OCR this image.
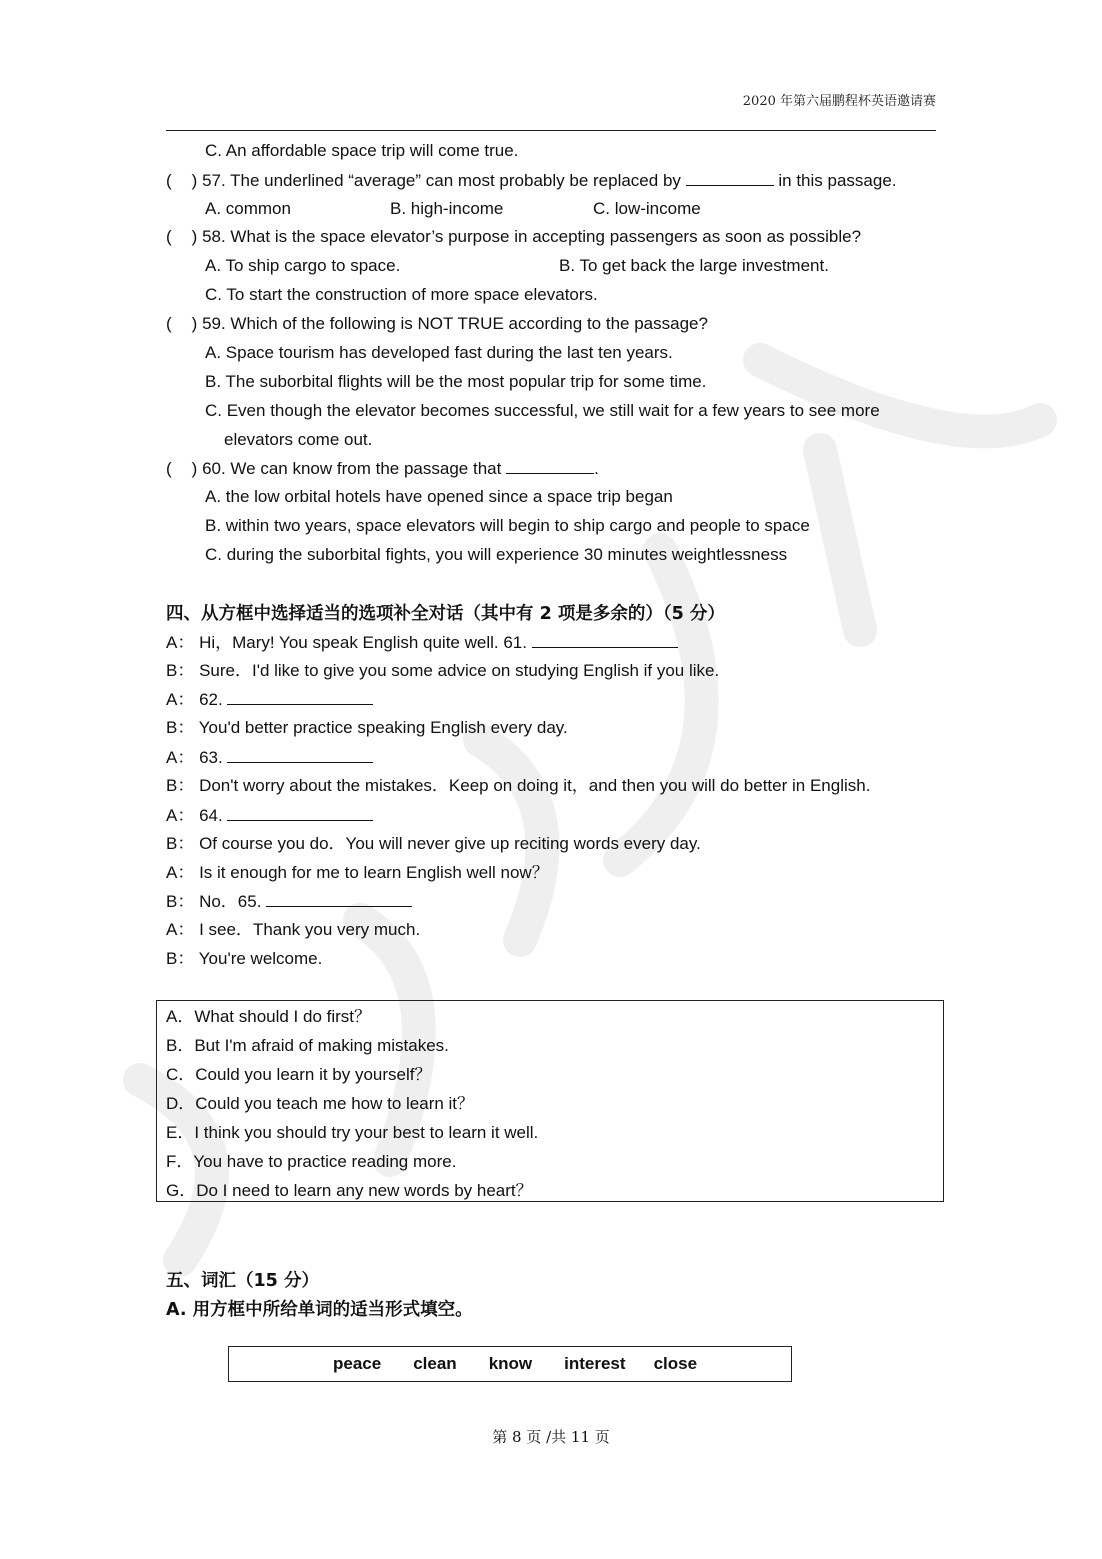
2020 年第六届鹏程杯英语邀请赛
C. An affordable space trip will come true.
( ) 57. The underlined “average” can most probably be replaced by	in this passage.
A. common	B. high-income	C. low-income
( ) 58. What is the space elevator’s purpose in accepting passengers as soon as possible?
A. To ship cargo to space.	B. To get back the large investment.
C. To start the construction of more space elevators.
( ) 59. Which of the following is NOT TRUE according to the passage?
A. Space tourism has developed fast during the last ten years.
B. The suborbital flights will be the most popular trip for some time.
C. Even though the elevator becomes successful, we still wait for a few years to see more
elevators come out.
( ) 60. We can know from the passage that	.
A. the low orbital hotels have opened since a space trip began
B. within two years, space elevators will begin to ship cargo and people to space
C. during the suborbital fights, you will experience 30 minutes weightlessness
四、从方框中选择适当的选项补全对话（其中有 2 项是多余的）（5 分）
A： Hi，Mary! You speak English quite well. 61.
B： Sure．I'd like to give you some advice on studying English if you like.
A： 62.
B： You'd better practice speaking English every day.
A： 63.
B： Don't worry about the mistakes．Keep on doing it，and then you will do better in English.
A： 64.
B： Of course you do．You will never give up reciting words every day.
A： Is it enough for me to learn English well now？
B： No．65.
A： I see．Thank you very much.
B： You're welcome.
A．What should I do first？
B．But I'm afraid of making mistakes.
C．Could you learn it by yourself？
D．Could you teach me how to learn it？
E．I think you should try your best to learn it well.
F．You have to practice reading more.
G．Do I need to learn any new words by heart？
五、词汇（15 分）
A. 用方框中所给单词的适当形式填空。
peace clean know interest close
第 8 页 /共 11 页
